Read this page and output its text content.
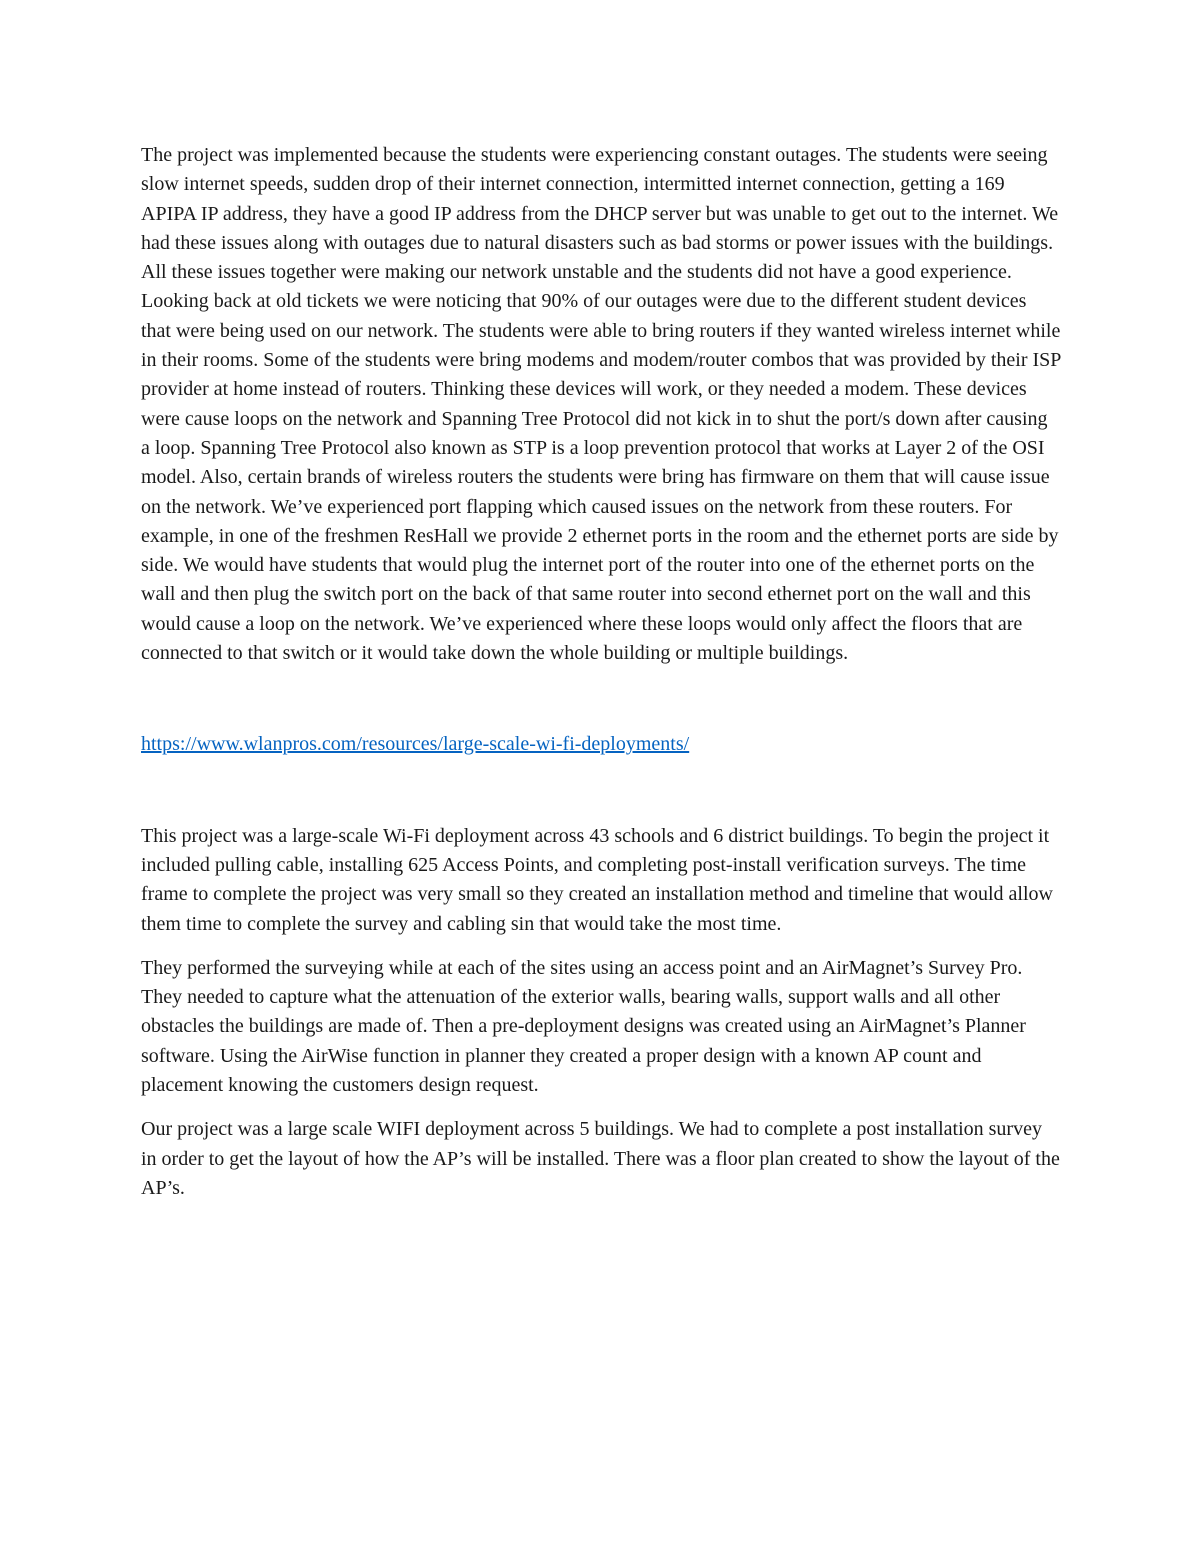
The project was implemented because the students were experiencing constant outages. The students were seeing slow internet speeds, sudden drop of their internet connection, intermitted internet connection, getting a 169 APIPA IP address, they have a good IP address from the DHCP server but was unable to get out to the internet. We had these issues along with outages due to natural disasters such as bad storms or power issues with the buildings. All these issues together were making our network unstable and the students did not have a good experience. Looking back at old tickets we were noticing that 90% of our outages were due to the different student devices that were being used on our network. The students were able to bring routers if they wanted wireless internet while in their rooms. Some of the students were bring modems and modem/router combos that was provided by their ISP provider at home instead of routers. Thinking these devices will work, or they needed a modem. These devices were cause loops on the network and Spanning Tree Protocol did not kick in to shut the port/s down after causing a loop. Spanning Tree Protocol also known as STP is a loop prevention protocol that works at Layer 2 of the OSI model. Also, certain brands of wireless routers the students were bring has firmware on them that will cause issue on the network. We’ve experienced port flapping which caused issues on the network from these routers. For example, in one of the freshmen ResHall we provide 2 ethernet ports in the room and the ethernet ports are side by side. We would have students that would plug the internet port of the router into one of the ethernet ports on the wall and then plug the switch port on the back of that same router into second ethernet port on the wall and this would cause a loop on the network. We’ve experienced where these loops would only affect the floors that are connected to that switch or it would take down the whole building or multiple buildings.

https://www.wlanpros.com/resources/large-scale-wi-fi-deployments/

This project was a large-scale Wi-Fi deployment across 43 schools and 6 district buildings. To begin the project it included pulling cable, installing 625 Access Points, and completing post-install verification surveys. The time frame to complete the project was very small so they created an installation method and timeline that would allow them time to complete the survey and cabling sin that would take the most time.

They performed the surveying while at each of the sites using an access point and an AirMagnet’s Survey Pro. They needed to capture what the attenuation of the exterior walls, bearing walls, support walls and all other obstacles the buildings are made of. Then a pre-deployment designs was created using an AirMagnet’s Planner software. Using the AirWise function in planner they created a proper design with a known AP count and placement knowing the customers design request.

Our project was a large scale WIFI deployment across 5 buildings. We had to complete a post installation survey in order to get the layout of how the AP’s will be installed. There was a floor plan created to show the layout of the AP’s.
